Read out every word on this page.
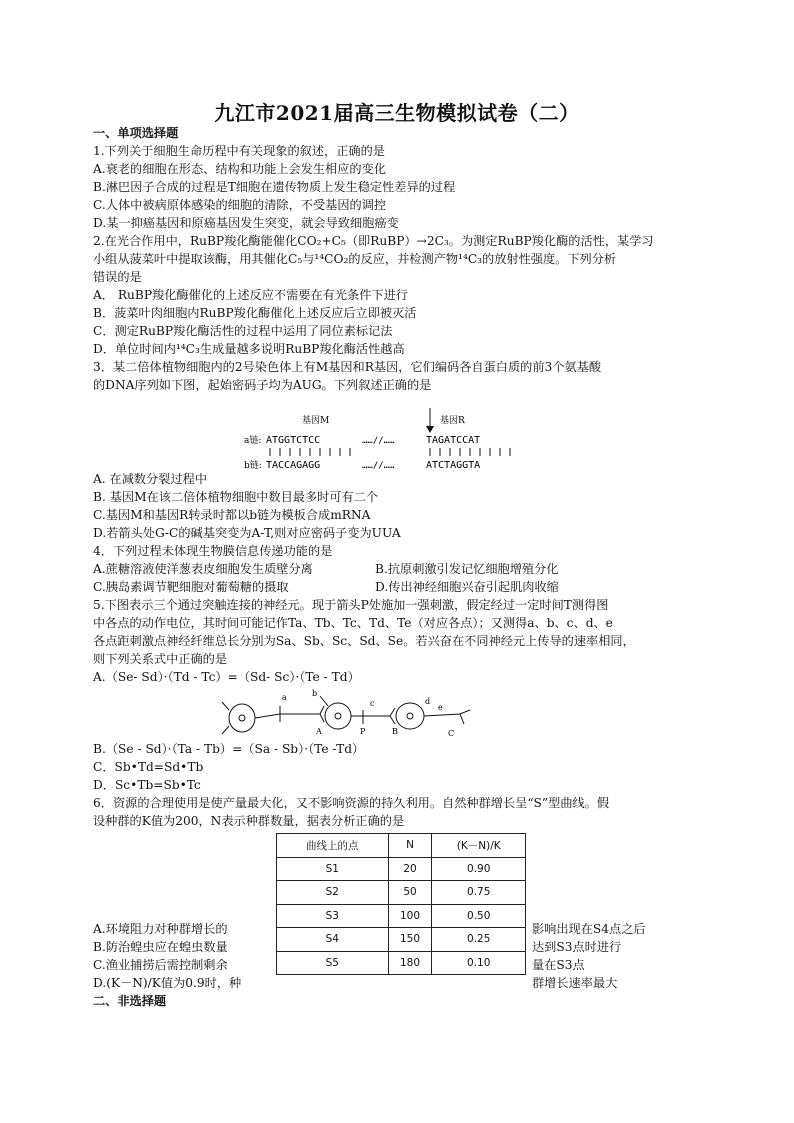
九江市2021届高三生物模拟试卷（二）
一、单项选择题
1.下列关于细胞生命历程中有关现象的叙述，正确的是
A.衰老的细胞在形态、结构和功能上会发生相应的变化
B.淋巴因子合成的过程是T细胞在遗传物质上发生稳定性差异的过程
C.人体中被病原体感染的细胞的清除，不受基因的调控
D.某一抑癌基因和原癌基因发生突变，就会导致细胞癌变
2.在光合作用中，RuBP羧化酶能催化CO₂+C₅（即RuBP）→2C₃。为测定RuBP羧化酶的活性，某学习
小组从菠菜叶中提取该酶，用其催化C₅与¹⁴CO₂的反应，并检测产物¹⁴C₃的放射性强度。下列分析
错误的是
A． RuBP羧化酶催化的上述反应不需要在有光条件下进行
B．菠菜叶肉细胞内RuBP羧化酶催化上述反应后立即被灭活
C．测定RuBP羧化酶活性的过程中运用了同位素标记法
D．单位时间内¹⁴C₃生成量越多说明RuBP羧化酶活性越高
3．某二倍体植物细胞内的2号染色体上有M基因和R基因，它们编码各自蛋白质的前3个氨基酸
的DNA序列如下图，起始密码子均为AUG。下列叙述正确的是
基因M	基因R
a链: ATGGTCTCC	……//……	TAGATCCAT
b链: TACCAGAGG	……//……	ATCTAGGTA
A. 在减数分裂过程中
B. 基因M在该二倍体植物细胞中数目最多时可有二个
C.基因M和基因R转录时都以b链为模板合成mRNA
D.若箭头处G-C的碱基突变为A-T,则对应密码子变为UUA
4．下列过程未体现生物膜信息传递功能的是
A.蔗糖溶液使洋葱表皮细胞发生质壁分离	B.抗原刺激引发记忆细胞增殖分化
C.胰岛素调节靶细胞对葡萄糖的摄取	D.传出神经细胞兴奋引起肌肉收缩
5.下图表示三个通过突触连接的神经元。现于箭头P处施加一强刺激，假定经过一定时间T测得图
中各点的动作电位，其时间可能记作Ta、Tb、Tc、Td、Te（对应各点）；又测得a、b、c、d、e
各点距刺激点神经纤维总长分别为Sa、Sb、Sc、Sd、Se。若兴奋在不同神经元上传导的速率相同，
则下列关系式中正确的是
A.（Se- Sd）·（Td - Tc）=（Sd- Sc）·（Te - Td）
a	b
c	d
e
A	P	B	C
B.（Se - Sd）·（Ta - Tb）=（Sa - Sb）·（Te -Td）
C．Sb•Td=Sd•Tb
D．Sc•Tb=Sb•Tc
6．资源的合理使用是使产量最大化，又不影响资源的持久利用。自然种群增长呈“S”型曲线。假
设种群的K值为200，N表示种群数量，据表分析正确的是
曲线上的点	N	(K－N)/K
S1	20	0.90
S2	50	0.75
S3	100	0.50
S4	150	0.25
S5	180	0.10
A.环境阻力对种群增长的	影响出现在S4点之后
B.防治蝗虫应在蝗虫数量	达到S3点时进行
C.渔业捕捞后需控制剩余	量在S3点
D.(K－N)/K值为0.9时，种	群增长速率最大
二、非选择题
